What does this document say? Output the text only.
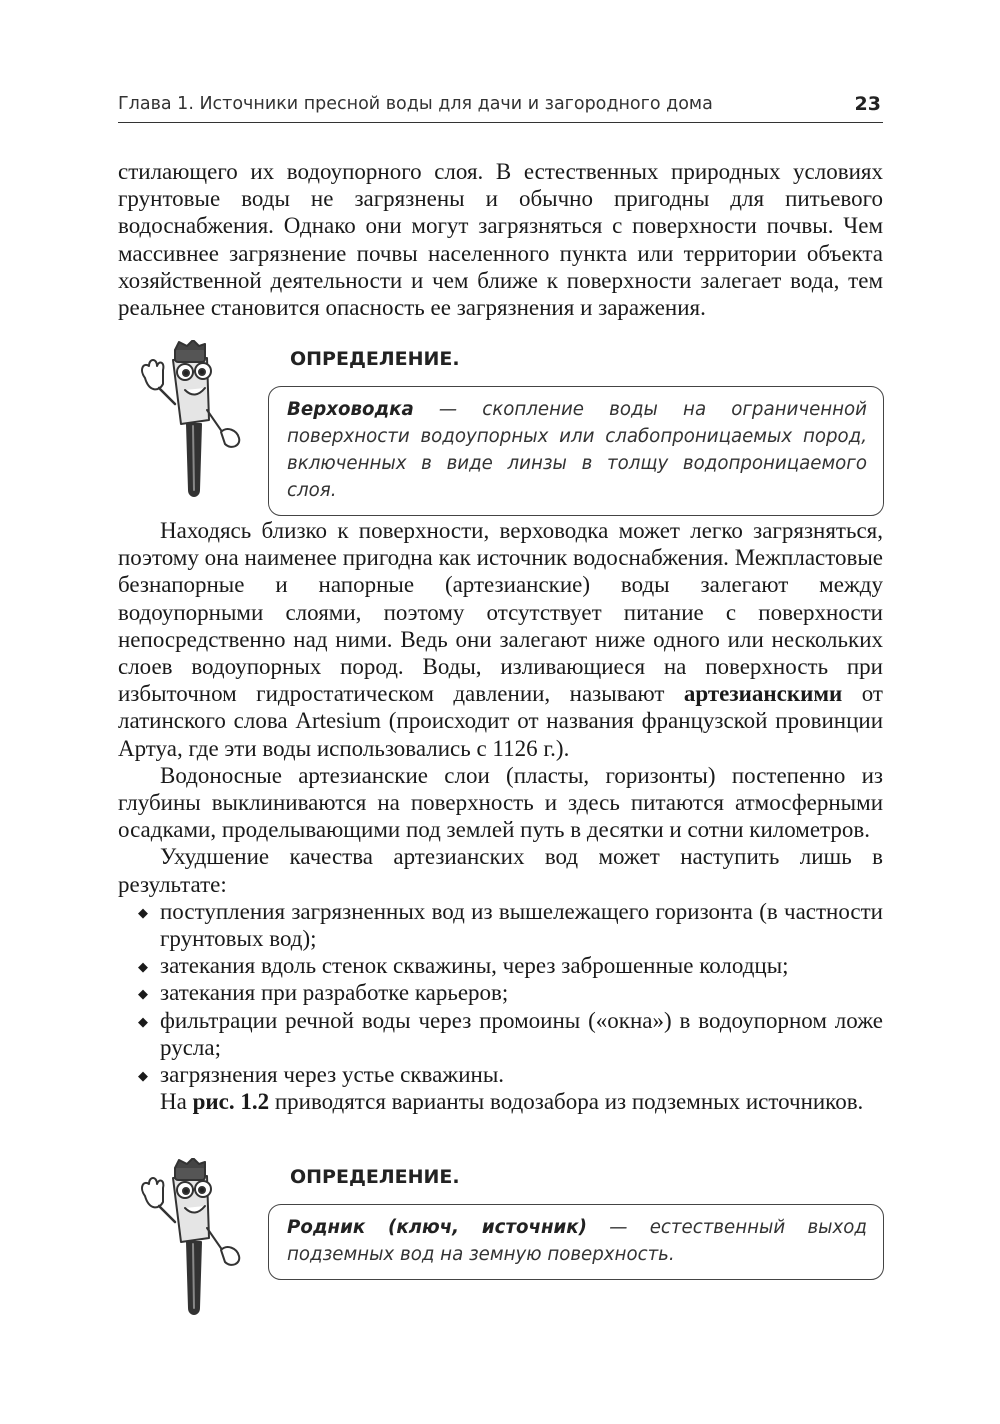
Глава 1. Источники пресной воды для дачи и загородного дома	23

стилающего их водоупорного слоя. В естественных природных условиях грунтовые воды не загрязнены и обычно пригодны для питьевого водоснабжения. Однако они могут загрязняться с поверхности почвы. Чем массивнее загрязнение почвы населенного пункта или территории объекта хозяйственной деятельности и чем ближе к поверхности залегает вода, тем реальнее становится опасность ее загрязнения и заражения.

ОПРЕДЕЛЕНИЕ.
Верховодка — скопление воды на ограниченной поверхности водоупорных или слабопроницаемых пород, включенных в виде линзы в толщу водопроницаемого слоя.

Находясь близко к поверхности, верховодка может легко загрязняться, поэтому она наименее пригодна как источник водоснабжения. Межпластовые безнапорные и напорные (артезианские) воды залегают между водоупорными слоями, поэтому отсутствует питание с поверхности непосредственно над ними. Ведь они залегают ниже одного или нескольких слоев водоупорных пород. Воды, изливающиеся на поверхность при избыточном гидростатическом давлении, называют артезианскими от латинского слова Artesium (происходит от названия французской провинции Артуа, где эти воды использовались с 1126 г.).

Водоносные артезианские слои (пласты, горизонты) постепенно из глубины выклиниваются на поверхность и здесь питаются атмосферными осадками, проделывающими под землей путь в десятки и сотни километров.

Ухудшение качества артезианских вод может наступить лишь в результате:

◆ поступления загрязненных вод из вышележащего горизонта (в частности грунтовых вод);
◆ затекания вдоль стенок скважины, через заброшенные колодцы;
◆ затекания при разработке карьеров;
◆ фильтрации речной воды через промоины («окна») в водоупорном ложе русла;
◆ загрязнения через устье скважины.

На рис. 1.2 приводятся варианты водозабора из подземных источников.

ОПРЕДЕЛЕНИЕ.
Родник (ключ, источник) — естественный выход подземных вод на земную поверхность.
